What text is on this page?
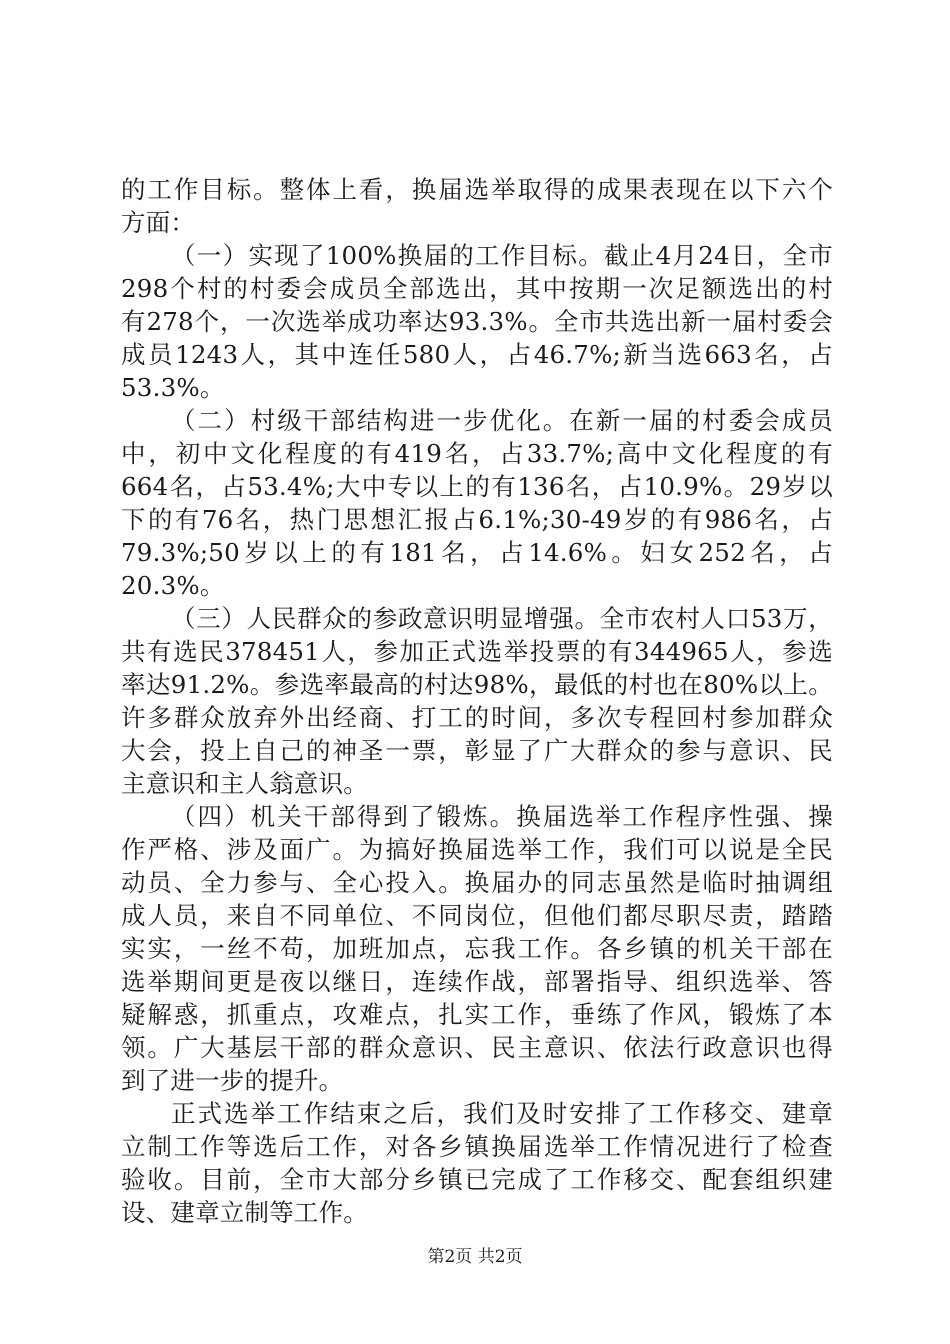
的工作目标。整体上看，换届选举取得的成果表现在以下六个
方面：
（一）实现了100%换届的工作目标。截止4月24日，全市
298个村的村委会成员全部选出，其中按期一次足额选出的村
有278个，一次选举成功率达93.3%。全市共选出新一届村委会
成员1243人，其中连任580人，占46.7%;新当选663名，占
53.3%。
（二）村级干部结构进一步优化。在新一届的村委会成员
中，初中文化程度的有419名，占33.7%;高中文化程度的有
664名，占53.4%;大中专以上的有136名，占10.9%。29岁以
下的有76名，热门思想汇报占6.1%;30-49岁的有986名，占
79.3%;50岁以上的有181名，占14.6%。妇女252名，占
20.3%。
（三）人民群众的参政意识明显增强。全市农村人口53万，
共有选民378451人，参加正式选举投票的有344965人，参选
率达91.2%。参选率最高的村达98%，最低的村也在80%以上。
许多群众放弃外出经商、打工的时间，多次专程回村参加群众
大会，投上自己的神圣一票，彰显了广大群众的参与意识、民
主意识和主人翁意识。
（四）机关干部得到了锻炼。换届选举工作程序性强、操
作严格、涉及面广。为搞好换届选举工作，我们可以说是全民
动员、全力参与、全心投入。换届办的同志虽然是临时抽调组
成人员，来自不同单位、不同岗位，但他们都尽职尽责，踏踏
实实，一丝不苟，加班加点，忘我工作。各乡镇的机关干部在
选举期间更是夜以继日，连续作战，部署指导、组织选举、答
疑解惑，抓重点，攻难点，扎实工作，垂练了作风，锻炼了本
领。广大基层干部的群众意识、民主意识、依法行政意识也得
到了进一步的提升。
正式选举工作结束之后，我们及时安排了工作移交、建章
立制工作等选后工作，对各乡镇换届选举工作情况进行了检查
验收。目前，全市大部分乡镇已完成了工作移交、配套组织建
设、建章立制等工作。
第2页 共2页
